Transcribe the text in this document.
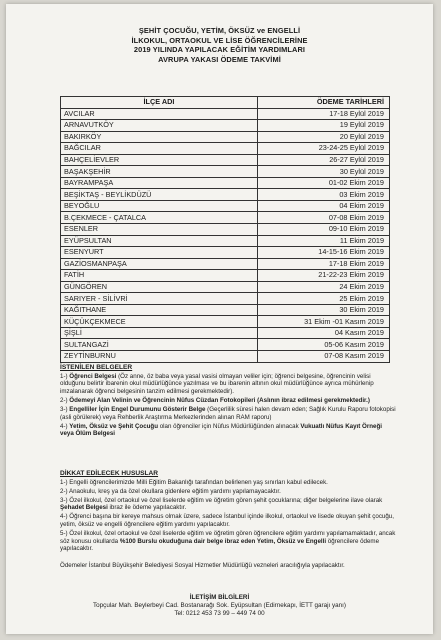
ŞEHİT ÇOCUĞU, YETİM, ÖKSÜZ ve ENGELLİ
İLKOKUL, ORTAOKUL VE LİSE ÖĞRENCİLERİNE
2019 YILINDA YAPILACAK EĞİTİM YARDIMLARI
AVRUPA YAKASI ÖDEME TAKVİMİ
İLÇE ADI	ÖDEME TARİHLERİ
AVCILAR	17-18 Eylül 2019
ARNAVUTKÖY	19 Eylül 2019
BAKIRKÖY	20 Eylül 2019
BAĞCILAR	23-24-25 Eylül 2019
BAHÇELİEVLER	26-27 Eylül 2019
BAŞAKŞEHİR	30 Eylül 2019
BAYRAMPAŞA	01-02 Ekim 2019
BEŞİKTAŞ - BEYLİKDÜZÜ	03 Ekim 2019
BEYOĞLU	04 Ekim 2019
B.ÇEKMECE - ÇATALCA	07-08 Ekim 2019
ESENLER	09-10 Ekim 2019
EYÜPSULTAN	11 Ekim 2019
ESENYURT	14-15-16 Ekim 2019
GAZİOSMANPAŞA	17-18 Ekim 2019
FATİH	21-22-23 Ekim 2019
GÜNGÖREN	24 Ekim 2019
SARIYER - SİLİVRİ	25 Ekim 2019
KAĞITHANE	30 Ekim 2019
KÜÇÜKÇEKMECE	31 Ekim -01 Kasım 2019
ŞİŞLİ	04 Kasım 2019
SULTANGAZİ	05-06 Kasım 2019
ZEYTİNBURNU	07-08 Kasım 2019
İSTENİLEN BELGELER
1-) Öğrenci Belgesi (Öz anne, öz baba veya yasal vasisi olmayan veliler için; öğrenci belgesine, öğrencinin velisi olduğunu belirtir ibarenin okul müdürlüğünce yazılması ve bu ibarenin altının okul müdürlüğünce ayrıca mühürlenip imzalanarak öğrenci belgesinin tanzim edilmesi gerekmektedir).
2-) Ödemeyi Alan Velinin ve Öğrencinin Nüfus Cüzdan Fotokopileri (Aslının ibraz edilmesi gerekmektedir.)
3-) Engelliler İçin Engel Durumunu Gösterir Belge (Geçerlilik süresi halen devam eden; Sağlık Kurulu Raporu fotokopisi (asli görülerek) veya Rehberlik Araştırma Merkezlerinden alınan RAM raporu)
4-) Yetim, Öksüz ve Şehit Çocuğu olan öğrenciler için Nüfus Müdürlüğünden alınacak Vukuatlı Nüfus Kayıt Örneği veya Ölüm Belgesi
DİKKAT EDİLECEK HUSUSLAR
1-) Engelli öğrencilerimizde Milli Eğitim Bakanlığı tarafından belirlenen yaş sınırları kabul edilecek.
2-) Anaokulu, kreş ya da özel okullara gidenlere eğitim yardımı yapılamayacaktır.
3-) Özel ilkokul, özel ortaokul ve özel liselerde eğitim ve öğretim gören şehit çocuklarına; diğer belgelerine ilave olarak Şehadet Belgesi ibraz ile ödeme yapılacaktır.
4-) Öğrenci başına bir kereye mahsus olmak üzere, sadece İstanbul içinde ilkokul, ortaokul ve lisede okuyan şehit çocuğu, yetim, öksüz ve engelli öğrencilere eğitim yardımı yapılacaktır.
5-) Özel ilkokul, özel ortaokul ve özel liselerde eğitim ve öğretim gören öğrencilere eğitim yardımı yapılamamaktadır, ancak söz konusu okullarda %100 Burslu okuduğuna dair belge ibraz eden Yetim, Öksüz ve Engelli öğrencilere ödeme yapılacaktır.
Ödemeler İstanbul Büyükşehir Belediyesi Sosyal Hizmetler Müdürlüğü vezneleri aracılığıyla yapılacaktır.
İLETİŞİM BİLGİLERİ
Topçular Mah. Beylerbeyi Cad. Bostanarağı Sok. Eyüpsultan (Edirnekapı, İETT garajı yanı)
Tel: 0212 453 73 99 – 449 74 00
